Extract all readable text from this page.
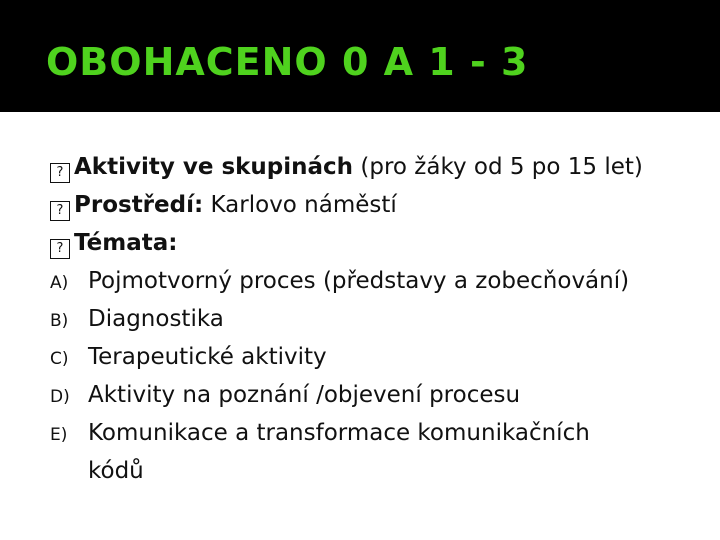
OBOHACENO 0 A 1 - 3
? Aktivity ve skupinách (pro žáky od 5 po 15 let)
? Prostředí: Karlovo náměstí
? Témata:
A) Pojmotvorný proces (představy a zobecňování)
B) Diagnostika
C) Terapeutické aktivity
D) Aktivity na poznání /objevení procesu
E) Komunikace a transformace komunikačních
kódů
